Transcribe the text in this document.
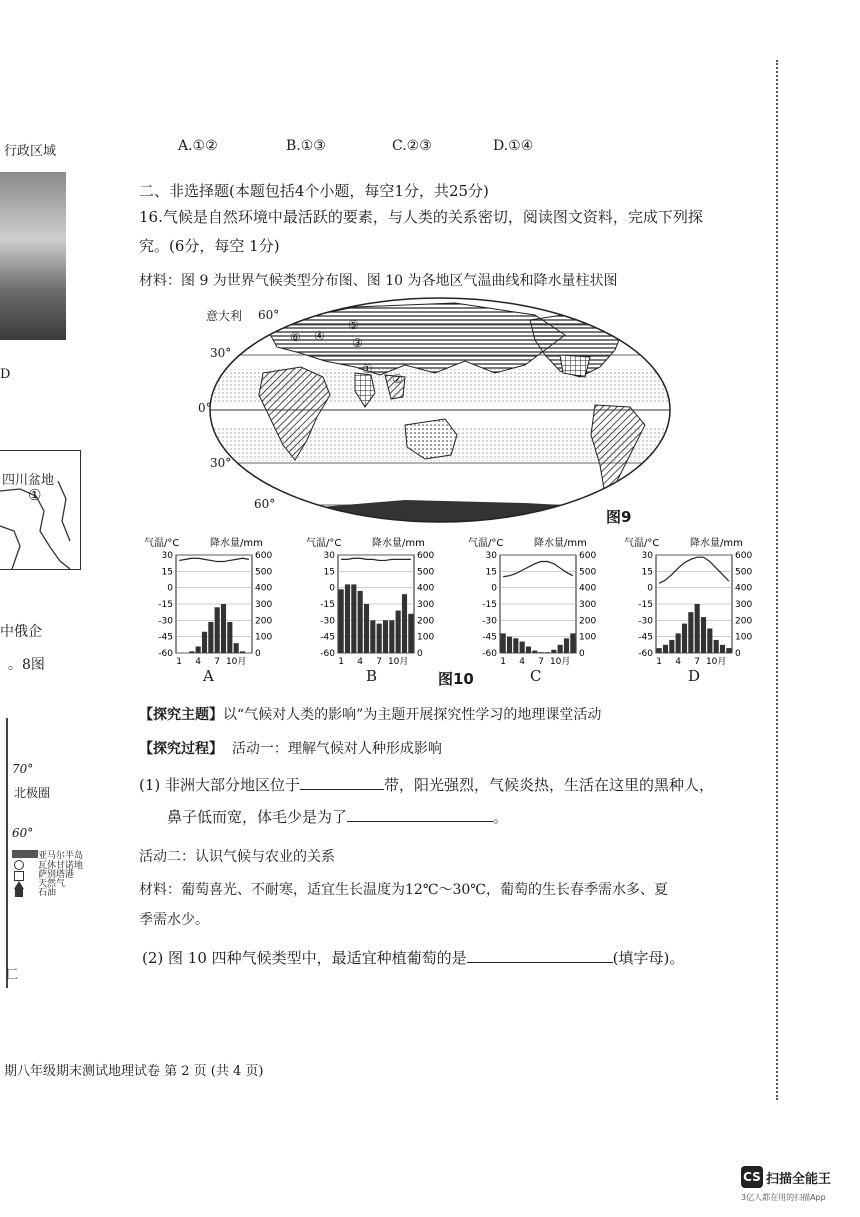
行政区域
D
四川盆地
①
中俄企
。8图
70°
北极圈
60°
亚马尔半岛
瓦休甘诺地
萨别塔港
天然气
石油
匚
A.①②	B.①③	C.②③	D.①④
二、非选择题(本题包括4个小题，每空1分，共25分)
16.气候是自然环境中最活跃的要素，与人类的关系密切，阅读图文资料，完成下列探
究。(6分，每空 1分)
材料：图 9 为世界气候类型分布图、图 10 为各地区气温曲线和降水量柱状图
意大利 60°
30°
0°
30°
60°
①
②
③
④
⑤
⑥
图9
气温/°C	降水量/mm
30
15
0
-15
-30
-45
-60
600
500
400
300
200
100
0
1 4 7 10月
A
气温/°C	降水量/mm
30
15
0
-15
-30
-45
-60
600
500
400
300
200
100
0
1 4 7 10月
B
气温/°C	降水量/mm
30
15
0
-15
-30
-45
-60
600
500
400
300
200
100
0
1 4 7 10月
C
气温/°C	降水量/mm
30
15
0
-15
-30
-45
-60
600
500
400
300
200
100
0
1 4 7 10月
D
图10
【探究主题】以“气候对人类的影响”为主题开展探究性学习的地理课堂活动
【探究过程】 活动一：理解气候对人种形成影响
(1) 非洲大部分地区位于	带，阳光强烈，气候炎热，生活在这里的黑种人，
鼻子低而宽，体毛少是为了	。
活动二：认识气候与农业的关系
材料：葡萄喜光、不耐寒，适宜生长温度为12℃～30℃，葡萄的生长春季需水多、夏
季需水少。
(2) 图 10 四种气候类型中，最适宜种植葡萄的是	(填字母)。
期八年级期末测试地理试卷 第 2 页 (共 4 页)
CS 扫描全能王
3亿人都在用的扫描App
